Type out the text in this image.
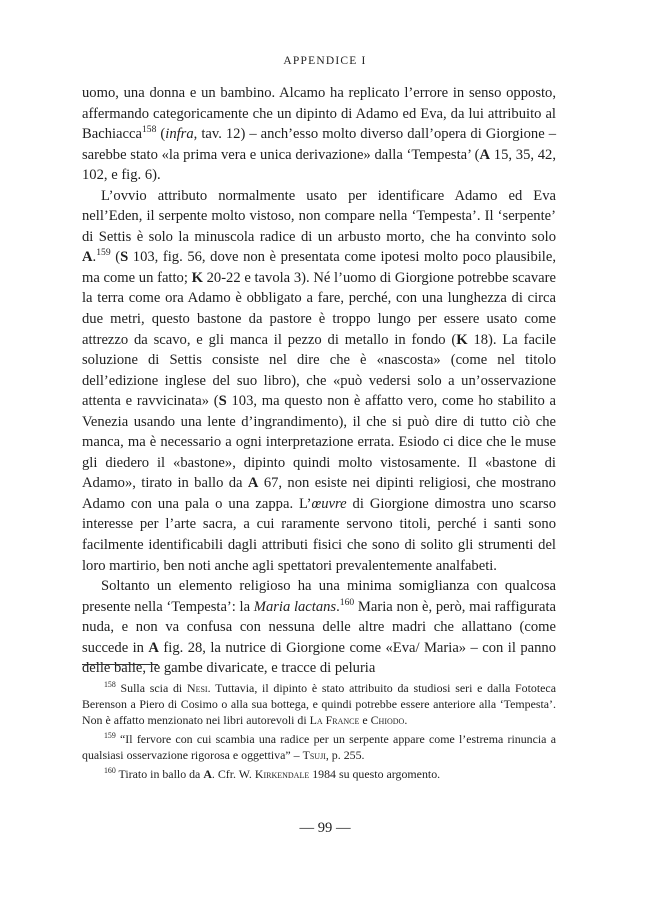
APPENDICE I

uomo, una donna e un bambino. Alcamo ha replicato l’errore in senso opposto, affermando categoricamente che un dipinto di Adamo ed Eva, da lui attribuito al Bachiacca$^{158}$ (infra, tav. 12) – anch’esso molto diverso dall’opera di Giorgione – sarebbe stato «la prima vera e unica derivazione» dalla ‘Tempesta’ (A 15, 35, 42, 102, e fig. 6).

L’ovvio attributo normalmente usato per identificare Adamo ed Eva nell’Eden, il serpente molto vistoso, non compare nella ‘Tempesta’. Il ‘serpente’ di Settis è solo la minuscola radice di un arbusto morto, che ha convinto solo A.$^{159}$ (S 103, fig. 56, dove non è presentata come ipotesi molto poco plausibile, ma come un fatto; K 20-22 e tavola 3). Né l’uomo di Giorgione potrebbe scavare la terra come ora Adamo è obbligato a fare, perché, con una lunghezza di circa due metri, questo bastone da pastore è troppo lungo per essere usato come attrezzo da scavo, e gli manca il pezzo di metallo in fondo (K 18). La facile soluzione di Settis consiste nel dire che è «nascosta» (come nel titolo dell’edizione inglese del suo libro), che «può vedersi solo a un’osservazione attenta e ravvicinata» (S 103, ma questo non è affatto vero, come ho stabilito a Venezia usando una lente d’ingrandimento), il che si può dire di tutto ciò che manca, ma è necessario a ogni interpretazione errata. Esiodo ci dice che le muse gli diedero il «bastone», dipinto quindi molto vistosamente. Il «bastone di Adamo», tirato in ballo da A 67, non esiste nei dipinti religiosi, che mostrano Adamo con una pala o una zappa. L’œuvre di Giorgione dimostra uno scarso interesse per l’arte sacra, a cui raramente servono titoli, perché i santi sono facilmente identificabili dagli attributi fisici che sono di solito gli strumenti del loro martirio, ben noti anche agli spettatori prevalentemente analfabeti.

Soltanto un elemento religioso ha una minima somiglianza con qualcosa presente nella ‘Tempesta’: la Maria lactans.$^{160}$ Maria non è, però, mai raffigurata nuda, e non va confusa con nessuna delle altre madri che allattano (come succede in A fig. 28, la nutrice di Giorgione come «Eva/ Maria» – con il panno delle balie, le gambe divaricate, e tracce di peluria

$^{158}$ Sulla scia di Nesi. Tuttavia, il dipinto è stato attribuito da studiosi seri e dalla Fototeca Berenson a Piero di Cosimo o alla sua bottega, e quindi potrebbe essere anteriore alla ‘Tempesta’. Non è affatto menzionato nei libri autorevoli di La France e Chiodo.

$^{159}$ “Il fervore con cui scambia una radice per un serpente appare come l’estrema rinuncia a qualsiasi osservazione rigorosa e oggettiva” – Tsuji, p. 255.

$^{160}$ Tirato in ballo da A. Cfr. W. Kirkendale 1984 su questo argomento.

— 99 —
